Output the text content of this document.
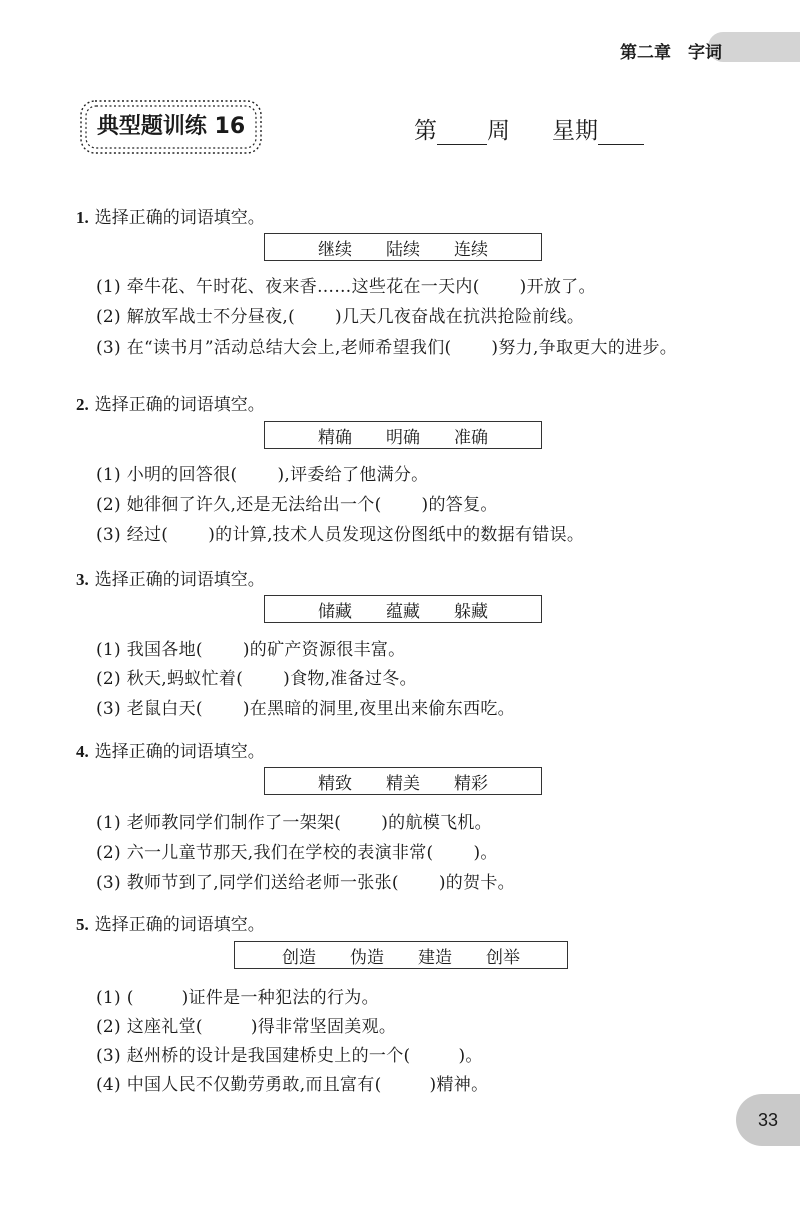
第二章　字词
典型题训练 16	第 周 星期
1. 选择正确的词语填空。
继续 陆续 连续
(1) 牵牛花、午时花、夜来香……这些花在一天内( )开放了。
(2) 解放军战士不分昼夜,( )几天几夜奋战在抗洪抢险前线。
(3) 在“读书月”活动总结大会上,老师希望我们( )努力,争取更大的进步。
2. 选择正确的词语填空。
精确 明确 准确
(1) 小明的回答很( ),评委给了他满分。
(2) 她徘徊了许久,还是无法给出一个( )的答复。
(3) 经过( )的计算,技术人员发现这份图纸中的数据有错误。
3. 选择正确的词语填空。
储藏 蕴藏 躲藏
(1) 我国各地( )的矿产资源很丰富。
(2) 秋天,蚂蚁忙着( )食物,准备过冬。
(3) 老鼠白天( )在黑暗的洞里,夜里出来偷东西吃。
4. 选择正确的词语填空。
精致 精美 精彩
(1) 老师教同学们制作了一架架( )的航模飞机。
(2) 六一儿童节那天,我们在学校的表演非常( )。
(3) 教师节到了,同学们送给老师一张张( )的贺卡。
5. 选择正确的词语填空。
创造 伪造 建造 创举
(1) (	)证件是一种犯法的行为。
(2) 这座礼堂(	)得非常坚固美观。
(3) 赵州桥的设计是我国建桥史上的一个(	)。
(4) 中国人民不仅勤劳勇敢,而且富有(	)精神。
33
